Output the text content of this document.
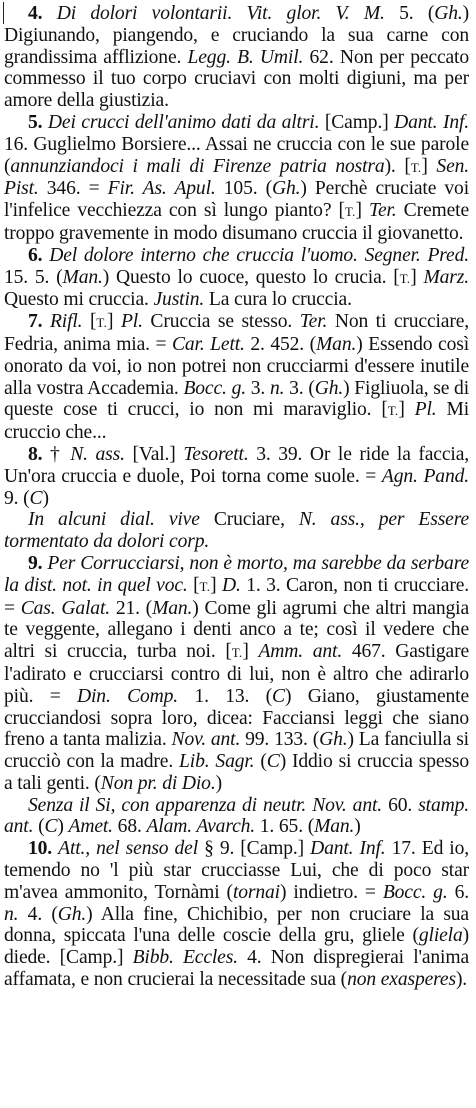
4. Di dolori volontarii. Vit. glor. V. M. 5. (Gh.) Digiunando, piangendo, e cruciando la sua carne con grandissima afflizione. Legg. B. Umil. 62. Non per peccato commesso il tuo corpo cruciavi con molti digiuni, ma per amore della giustizia.

5. Dei crucci dell'animo dati da altri. [Camp.] Dant. Inf. 16. Guglielmo Borsiere... Assai ne cruccia con le sue parole (annunziandoci i mali di Firenze patria nostra). [T.] Sen. Pist. 346. = Fir. As. Apul. 105. (Gh.) Perchè cruciate voi l'infelice vecchiezza con sì lungo pianto? [T.] Ter. Cremete troppo gravemente in modo disumano cruccia il giovanetto.

6. Del dolore interno che cruccia l'uomo. Segner. Pred. 15. 5. (Man.) Questo lo cuoce, questo lo crucia. [T.] Marz. Questo mi cruccia. Justin. La cura lo cruccia.

7. Rifl. [T.] Pl. Cruccia se stesso. Ter. Non ti crucciare, Fedria, anima mia. = Car. Lett. 2. 452. (Man.) Essendo così onorato da voi, io non potrei non crucciarmi d'essere inutile alla vostra Accademia. Bocc. g. 3. n. 3. (Gh.) Figliuola, se di queste cose ti crucci, io non mi maraviglio. [T.] Pl. Mi cruccio che...

8. † N. ass. [Val.] Tesorett. 3. 39. Or le ride la faccia, Un'ora cruccia e duole, Poi torna come suole. = Agn. Pand. 9. (C)

In alcuni dial. vive Cruciare, N. ass., per Essere tormentato da dolori corp.

9. Per Corrucciarsi, non è morto, ma sarebbe da serbare la dist. not. in quel voc. [T.] D. 1. 3. Caron, non ti crucciare. = Cas. Galat. 21. (Man.) Come gli agrumi che altri mangia te veggente, allegano i denti anco a te; così il vedere che altri si cruccia, turba noi. [T.] Amm. ant. 467. Gastigare l'adirato e crucciarsi contro di lui, non è altro che adirarlo più. = Din. Comp. 1. 13. (C) Giano, giustamente crucciandosi sopra loro, dicea: Facciansi leggi che siano freno a tanta malizia. Nov. ant. 99. 133. (Gh.) La fanciulla si crucciò con la madre. Lib. Sagr. (C) Iddio si cruccia spesso a tali genti. (Non pr. di Dio.)

Senza il Si, con apparenza di neutr. Nov. ant. 60. stamp. ant. (C) Amet. 68. Alam. Avarch. 1. 65. (Man.)

10. Att., nel senso del § 9. [Camp.] Dant. Inf. 17. Ed io, temendo no 'l più star crucciasse Lui, che di poco star m'avea ammonito, Tornàmi (tornai) indietro. = Bocc. g. 6. n. 4. (Gh.) Alla fine, Chichibio, per non cruciare la sua donna, spiccata l'una delle coscie della gru, gliele (gliela) diede. [Camp.] Bibb. Eccles. 4. Non dispregierai l'anima affamata, e non crucierai la necessitade sua (non exasperes).
